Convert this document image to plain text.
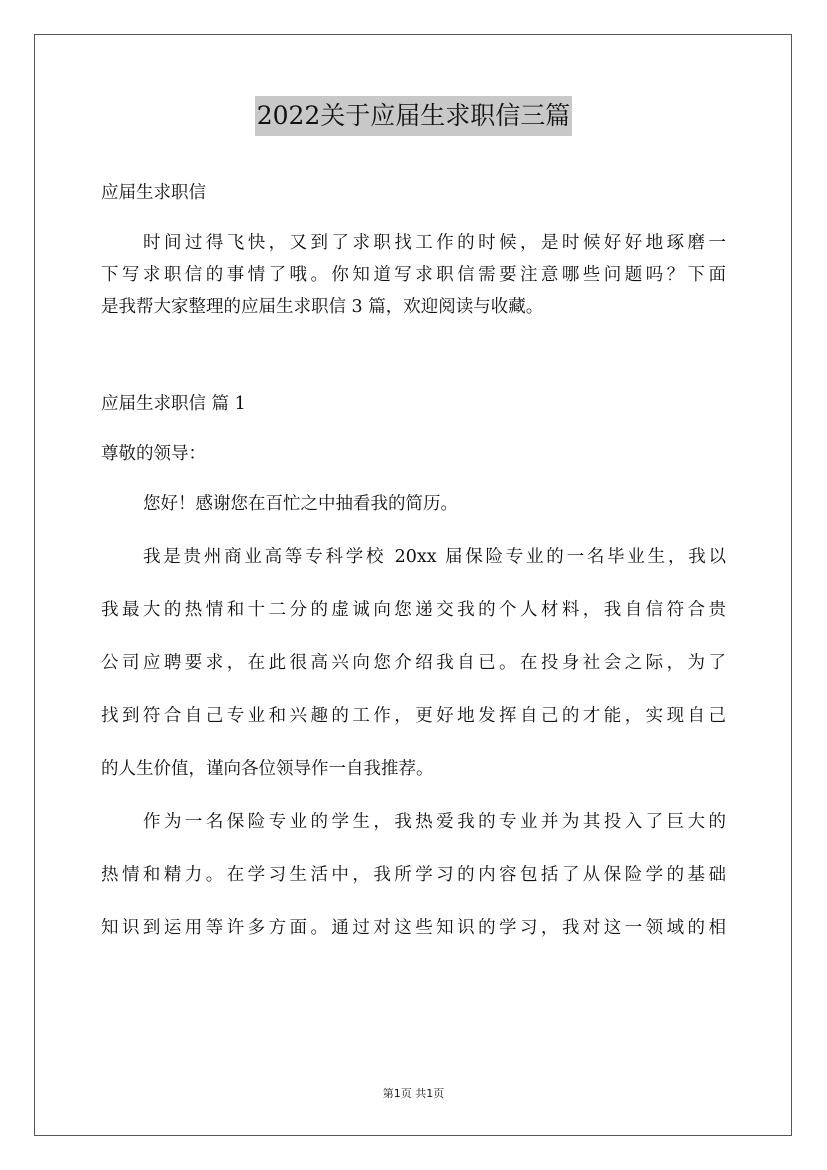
2022关于应届生求职信三篇
应届生求职信
时间过得飞快，又到了求职找工作的时候，是时候好好地琢磨一
下写求职信的事情了哦。你知道写求职信需要注意哪些问题吗？下面
是我帮大家整理的应届生求职信 3 篇，欢迎阅读与收藏。
应届生求职信 篇 1
尊敬的领导：
您好！感谢您在百忙之中抽看我的简历。
我是贵州商业高等专科学校 20xx 届保险专业的一名毕业生，我以
我最大的热情和十二分的虚诚向您递交我的个人材料，我自信符合贵
公司应聘要求，在此很高兴向您介绍我自已。在投身社会之际，为了
找到符合自己专业和兴趣的工作，更好地发挥自己的才能，实现自己
的人生价值，谨向各位领导作一自我推荐。
作为一名保险专业的学生，我热爱我的专业并为其投入了巨大的
热情和精力。在学习生活中，我所学习的内容包括了从保险学的基础
知识到运用等许多方面。通过对这些知识的学习，我对这一领域的相
第1页 共1页
